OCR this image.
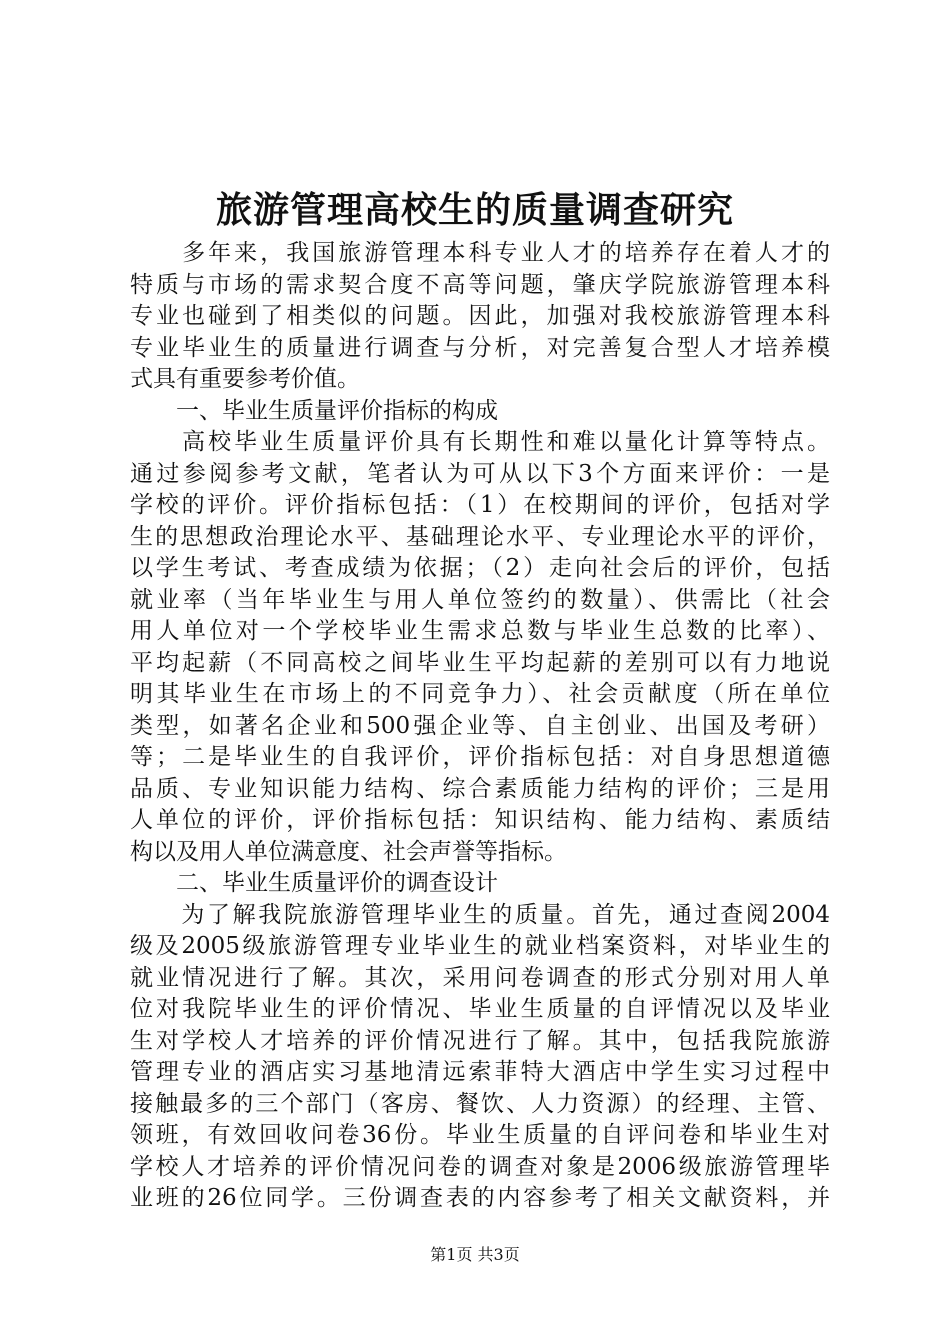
旅游管理高校生的质量调查研究
　　多年来，我国旅游管理本科专业人才的培养存在着人才的
特质与市场的需求契合度不高等问题，肇庆学院旅游管理本科
专业也碰到了相类似的问题。因此，加强对我校旅游管理本科
专业毕业生的质量进行调查与分析，对完善复合型人才培养模
式具有重要参考价值。
　　一、毕业生质量评价指标的构成
　　高校毕业生质量评价具有长期性和难以量化计算等特点。
通过参阅参考文献，笔者认为可从以下3个方面来评价：一是
学校的评价。评价指标包括：（1）在校期间的评价，包括对学
生的思想政治理论水平、基础理论水平、专业理论水平的评价，
以学生考试、考查成绩为依据；（2）走向社会后的评价，包括
就业率（当年毕业生与用人单位签约的数量）、供需比（社会
用人单位对一个学校毕业生需求总数与毕业生总数的比率）、
平均起薪（不同高校之间毕业生平均起薪的差别可以有力地说
明其毕业生在市场上的不同竞争力）、社会贡献度（所在单位
类型，如著名企业和500强企业等、自主创业、出国及考研）
等；二是毕业生的自我评价，评价指标包括：对自身思想道德
品质、专业知识能力结构、综合素质能力结构的评价；三是用
人单位的评价，评价指标包括：知识结构、能力结构、素质结
构以及用人单位满意度、社会声誉等指标。
　　二、毕业生质量评价的调查设计
　　为了解我院旅游管理毕业生的质量。首先，通过查阅2004
级及2005级旅游管理专业毕业生的就业档案资料，对毕业生的
就业情况进行了解。其次，采用问卷调查的形式分别对用人单
位对我院毕业生的评价情况、毕业生质量的自评情况以及毕业
生对学校人才培养的评价情况进行了解。其中，包括我院旅游
管理专业的酒店实习基地清远索菲特大酒店中学生实习过程中
接触最多的三个部门（客房、餐饮、人力资源）的经理、主管、
领班，有效回收问卷36份。毕业生质量的自评问卷和毕业生对
学校人才培养的评价情况问卷的调查对象是2006级旅游管理毕
业班的26位同学。三份调查表的内容参考了相关文献资料，并
第1页 共3页
